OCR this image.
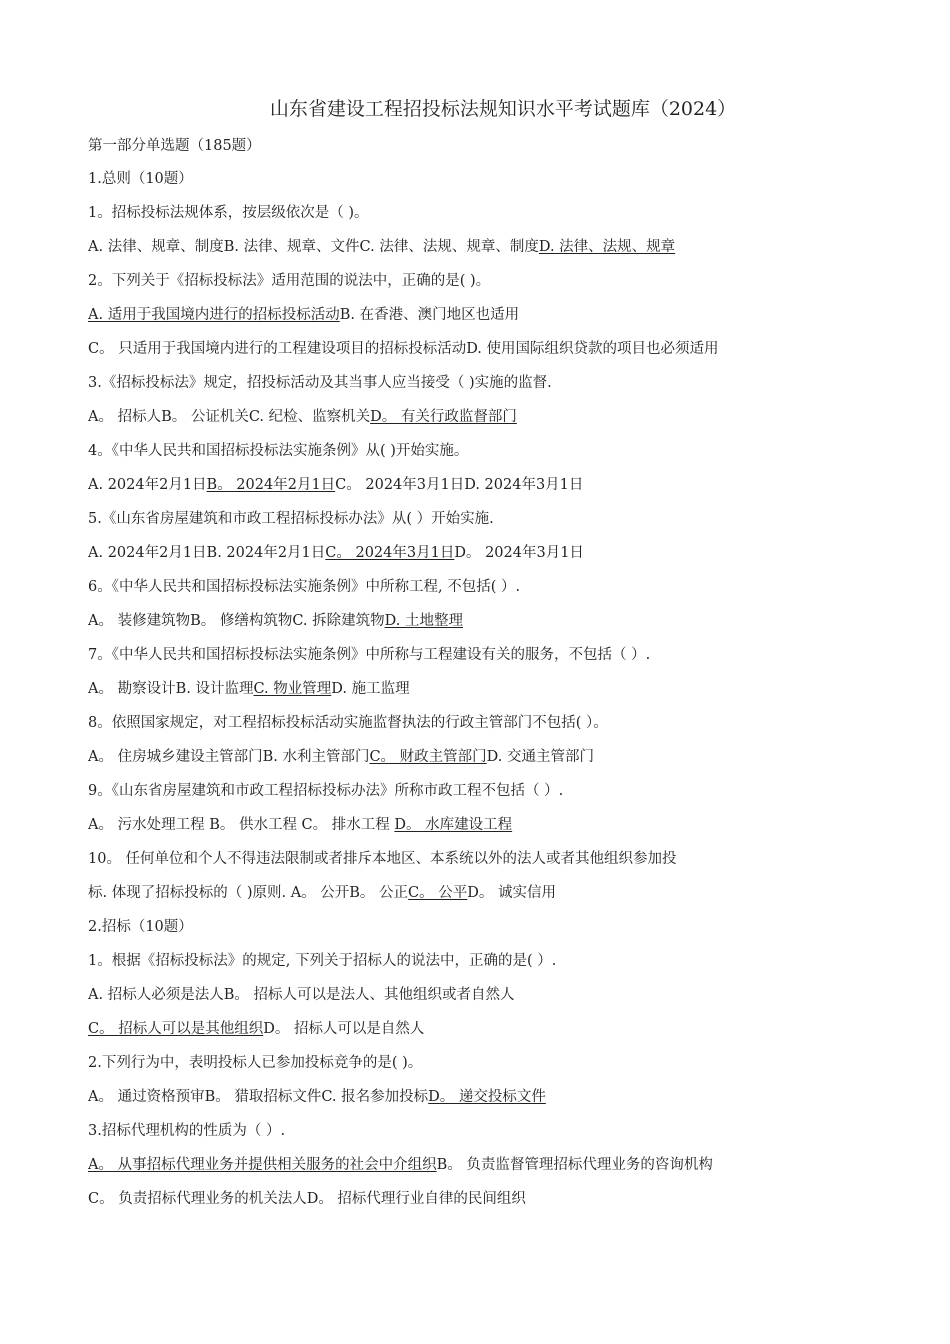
山东省建设工程招投标法规知识水平考试题库（2024）
第一部分单选题（185题）
1.总则（10题）
1。招标投标法规体系，按层级依次是（ )。
A. 法律、规章、制度B. 法律、规章、文件C. 法律、法规、规章、制度D. 法律、法规、规章
2。下列关于《招标投标法》适用范围的说法中，正确的是( )。
A. 适用于我国境内进行的招标投标活动B. 在香港、澳门地区也适用
C。 只适用于我国境内进行的工程建设项目的招标投标活动D. 使用国际组织贷款的项目也必须适用
3.《招标投标法》规定，招投标活动及其当事人应当接受（ )实施的监督.
A。 招标人B。 公证机关C. 纪检、监察机关D。 有关行政监督部门
4。《中华人民共和国招标投标法实施条例》从( )开始实施。
A. 2024年2月1日B。 2024年2月1日C。 2024年3月1日D. 2024年3月1日
5.《山东省房屋建筑和市政工程招标投标办法》从( ）开始实施.
A. 2024年2月1日B. 2024年2月1日C。 2024年3月1日D。 2024年3月1日
6。《中华人民共和国招标投标法实施条例》中所称工程, 不包括( ）.
A。 装修建筑物B。 修缮构筑物C. 拆除建筑物D. 土地整理
7。《中华人民共和国招标投标法实施条例》中所称与工程建设有关的服务，不包括（ ）.
A。 勘察设计B. 设计监理C. 物业管理D. 施工监理
8。依照国家规定，对工程招标投标活动实施监督执法的行政主管部门不包括( ）。
A。 住房城乡建设主管部门B. 水利主管部门C。 财政主管部门D. 交通主管部门
9。《山东省房屋建筑和市政工程招标投标办法》所称市政工程不包括（ ）.
A。 污水处理工程 B。 供水工程 C。 排水工程 D。 水库建设工程
10。 任何单位和个人不得违法限制或者排斥本地区、本系统以外的法人或者其他组织参加投
标. 体现了招标投标的（ )原则. A。 公开B。 公正C。 公平D。 诚实信用
2.招标（10题）
1。根据《招标投标法》的规定, 下列关于招标人的说法中，正确的是( ）.
A. 招标人必须是法人B。 招标人可以是法人、其他组织或者自然人
C。 招标人可以是其他组织D。 招标人可以是自然人
2.下列行为中，表明投标人已参加投标竞争的是( )。
A。 通过资格预审B。 猎取招标文件C. 报名参加投标D。 递交投标文件
3.招标代理机构的性质为（ ）.
A。 从事招标代理业务并提供相关服务的社会中介组织B。 负责监督管理招标代理业务的咨询机构
C。 负责招标代理业务的机关法人D。 招标代理行业自律的民间组织
